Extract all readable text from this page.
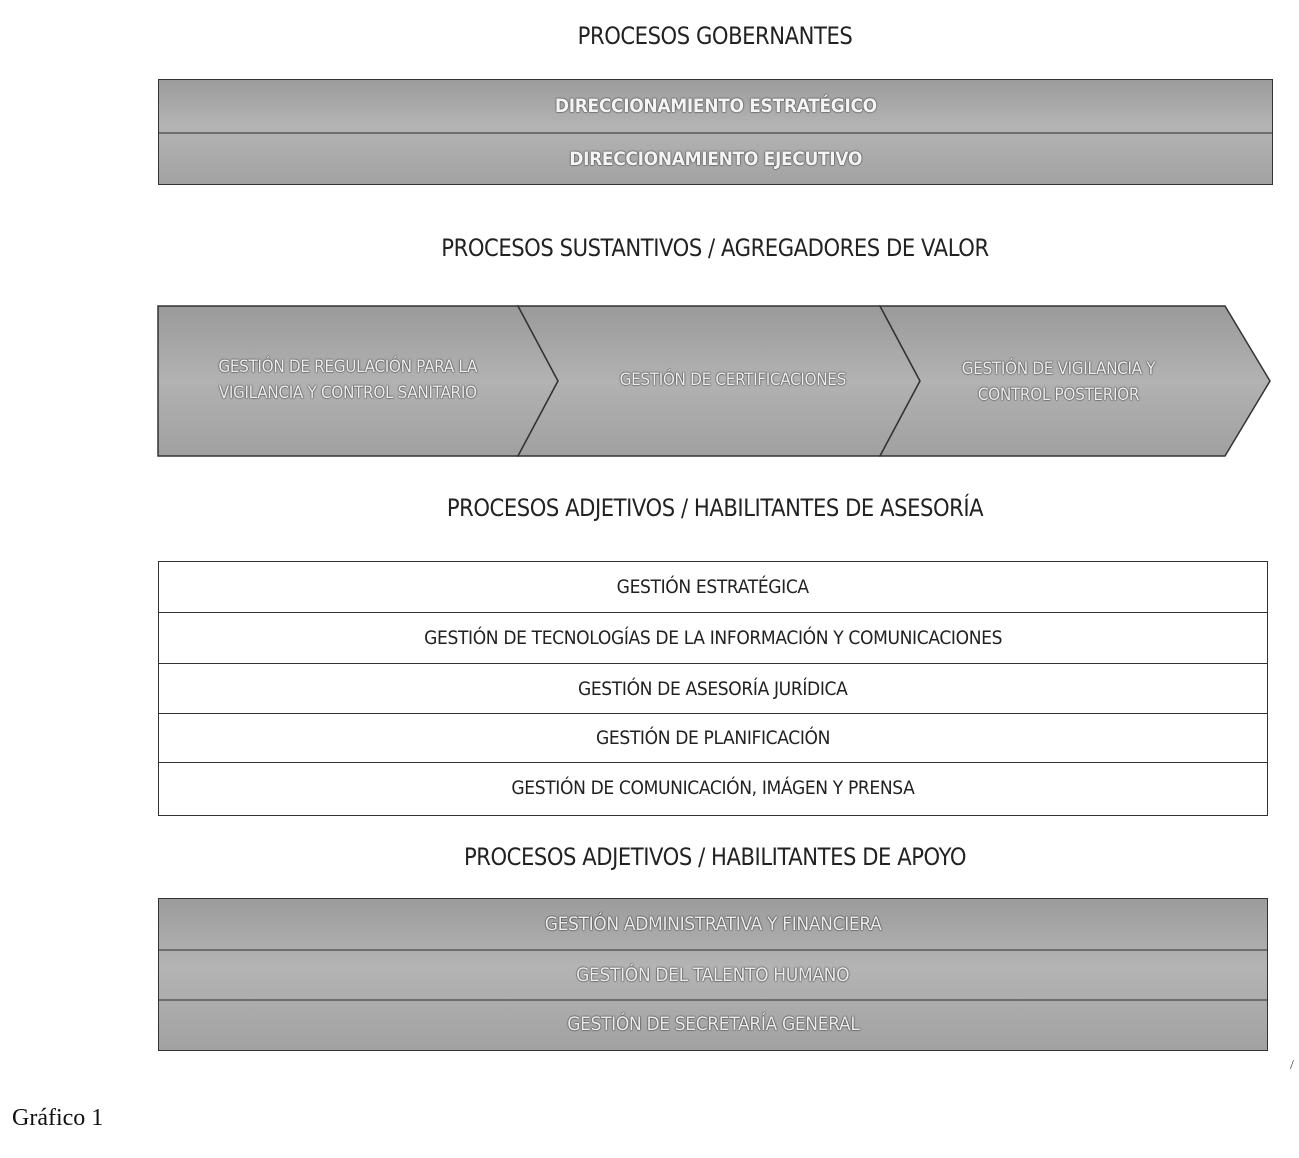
PROCESOS GOBERNANTES
DIRECCIONAMIENTO ESTRATÉGICO
DIRECCIONAMIENTO EJECUTIVO
PROCESOS SUSTANTIVOS / AGREGADORES DE VALOR
GESTIÓN DE REGULACIÓN PARA LA
VIGILANCIA Y CONTROL SANITARIO
GESTIÓN DE CERTIFICACIONES
GESTIÓN DE VIGILANCIA Y
CONTROL POSTERIOR
PROCESOS ADJETIVOS / HABILITANTES DE ASESORÍA
GESTIÓN ESTRATÉGICA
GESTIÓN DE TECNOLOGÍAS DE LA INFORMACIÓN Y COMUNICACIONES
GESTIÓN DE ASESORÍA JURÍDICA
GESTIÓN DE PLANIFICACIÓN
GESTIÓN DE COMUNICACIÓN, IMÁGEN Y PRENSA
PROCESOS ADJETIVOS / HABILITANTES DE APOYO
GESTIÓN ADMINISTRATIVA Y FINANCIERA
GESTIÓN DEL TALENTO HUMANO
GESTIÓN DE SECRETARÍA GENERAL
/
Gráfico 1
